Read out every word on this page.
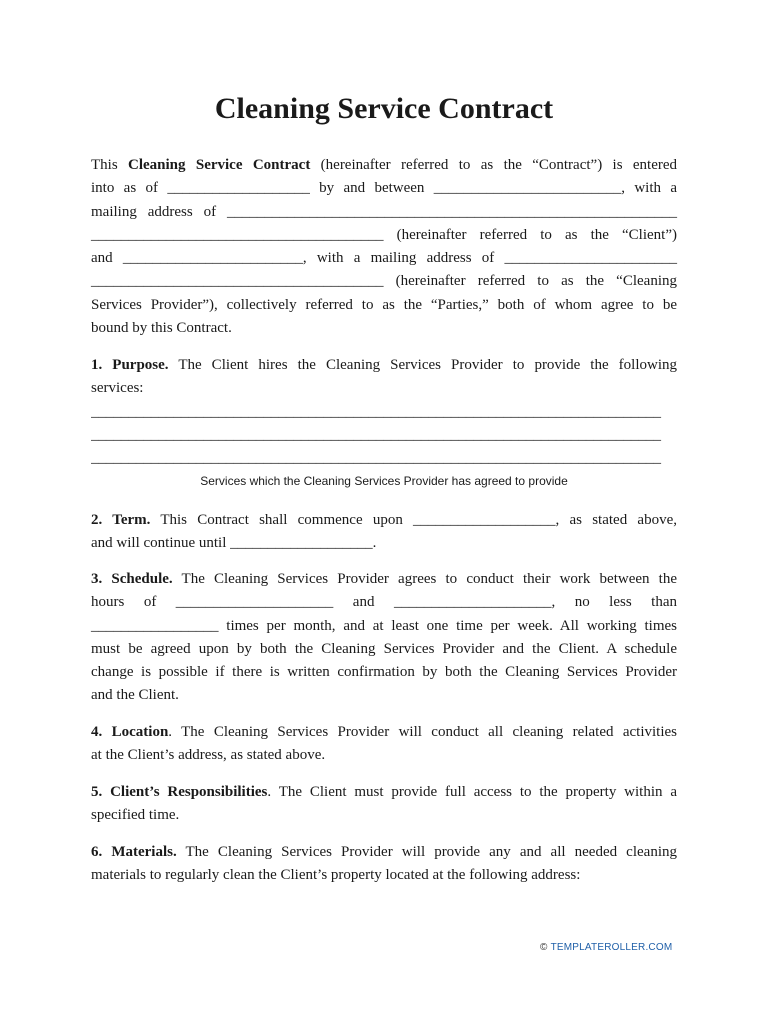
Cleaning Service Contract
This Cleaning Service Contract (hereinafter referred to as the “Contract”) is entered
into as of ___________________ by and between _________________________, with a
mailing address of ____________________________________________________________
_______________________________________ (hereinafter referred to as the “Client”)
and ________________________, with a mailing address of _______________________
_______________________________________ (hereinafter referred to as the “Cleaning
Services Provider”), collectively referred to as the “Parties,” both of whom agree to be
bound by this Contract.
1. Purpose. The Client hires the Cleaning Services Provider to provide the following
services:
____________________________________________________________________________
____________________________________________________________________________
____________________________________________________________________________

Services which the Cleaning Services Provider has agreed to provide

2. Term. This Contract shall commence upon ___________________, as stated above,
and will continue until ___________________.
3. Schedule. The Cleaning Services Provider agrees to conduct their work between the
hours of _____________________ and _____________________, no less than
_________________ times per month, and at least one time per week. All working times
must be agreed upon by both the Cleaning Services Provider and the Client. A schedule
change is possible if there is written confirmation by both the Cleaning Services Provider
and the Client.
4. Location. The Cleaning Services Provider will conduct all cleaning related activities
at the Client’s address, as stated above.
5. Client’s Responsibilities. The Client must provide full access to the property within a
specified time.
6. Materials. The Cleaning Services Provider will provide any and all needed cleaning
materials to regularly clean the Client’s property located at the following address:
© TEMPLATEROLLER.COM
